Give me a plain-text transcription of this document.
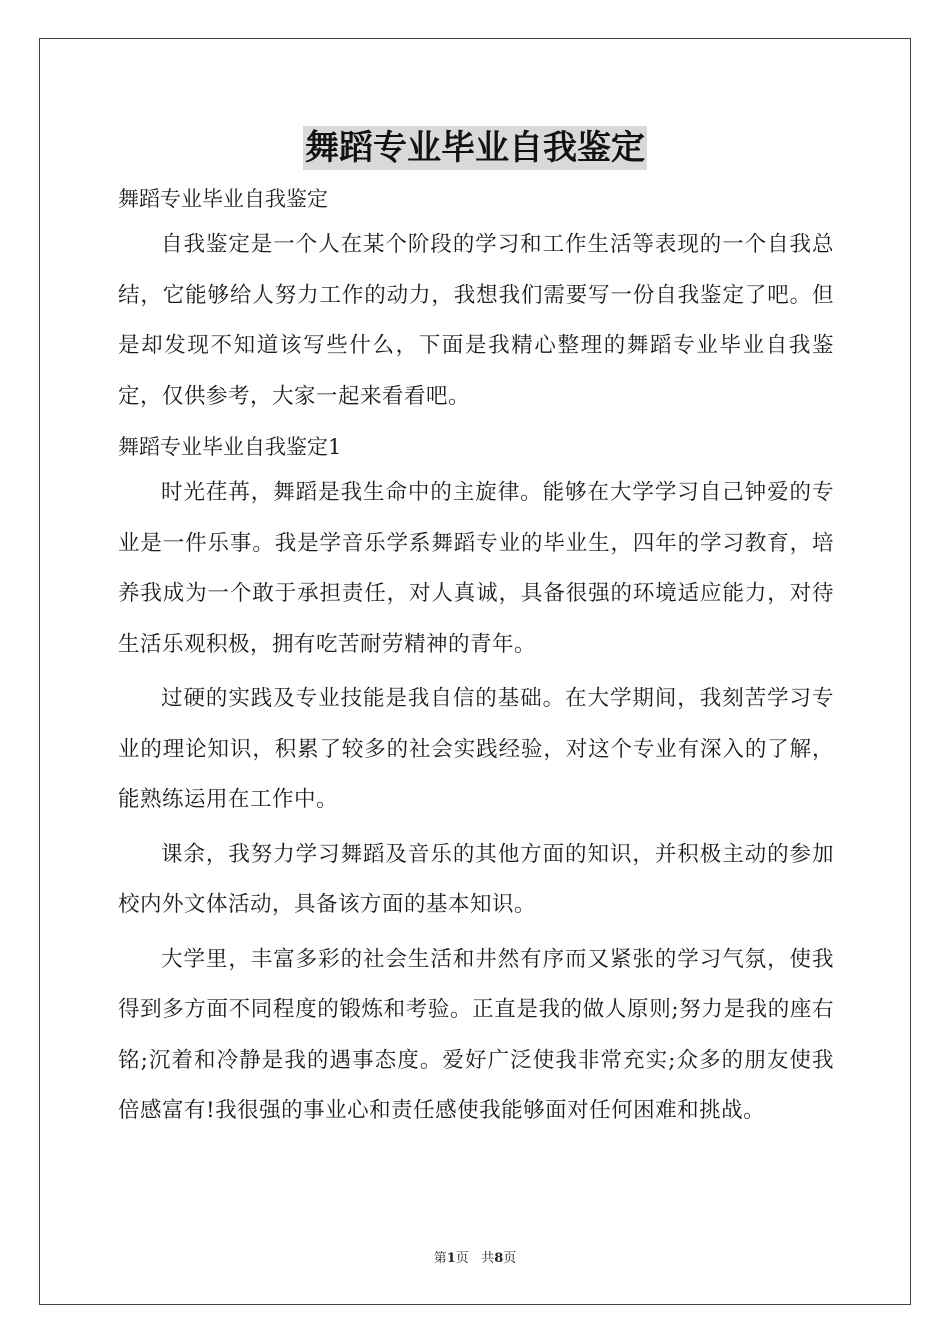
舞蹈专业毕业自我鉴定

舞蹈专业毕业自我鉴定

自我鉴定是一个人在某个阶段的学习和工作生活等表现的一个自我总结，它能够给人努力工作的动力，我想我们需要写一份自我鉴定了吧。但是却发现不知道该写些什么，下面是我精心整理的舞蹈专业毕业自我鉴定，仅供参考，大家一起来看看吧。

舞蹈专业毕业自我鉴定1

时光荏苒，舞蹈是我生命中的主旋律。能够在大学学习自己钟爱的专业是一件乐事。我是学音乐学系舞蹈专业的毕业生，四年的学习教育，培养我成为一个敢于承担责任，对人真诚，具备很强的环境适应能力，对待生活乐观积极，拥有吃苦耐劳精神的青年。

过硬的实践及专业技能是我自信的基础。在大学期间，我刻苦学习专业的理论知识，积累了较多的社会实践经验，对这个专业有深入的了解，能熟练运用在工作中。

课余，我努力学习舞蹈及音乐的其他方面的知识，并积极主动的参加校内外文体活动，具备该方面的基本知识。

大学里，丰富多彩的社会生活和井然有序而又紧张的学习气氛，使我得到多方面不同程度的锻炼和考验。正直是我的做人原则;努力是我的座右铭;沉着和冷静是我的遇事态度。爱好广泛使我非常充实;众多的朋友使我倍感富有!我很强的事业心和责任感使我能够面对任何困难和挑战。

第1页 共8页
